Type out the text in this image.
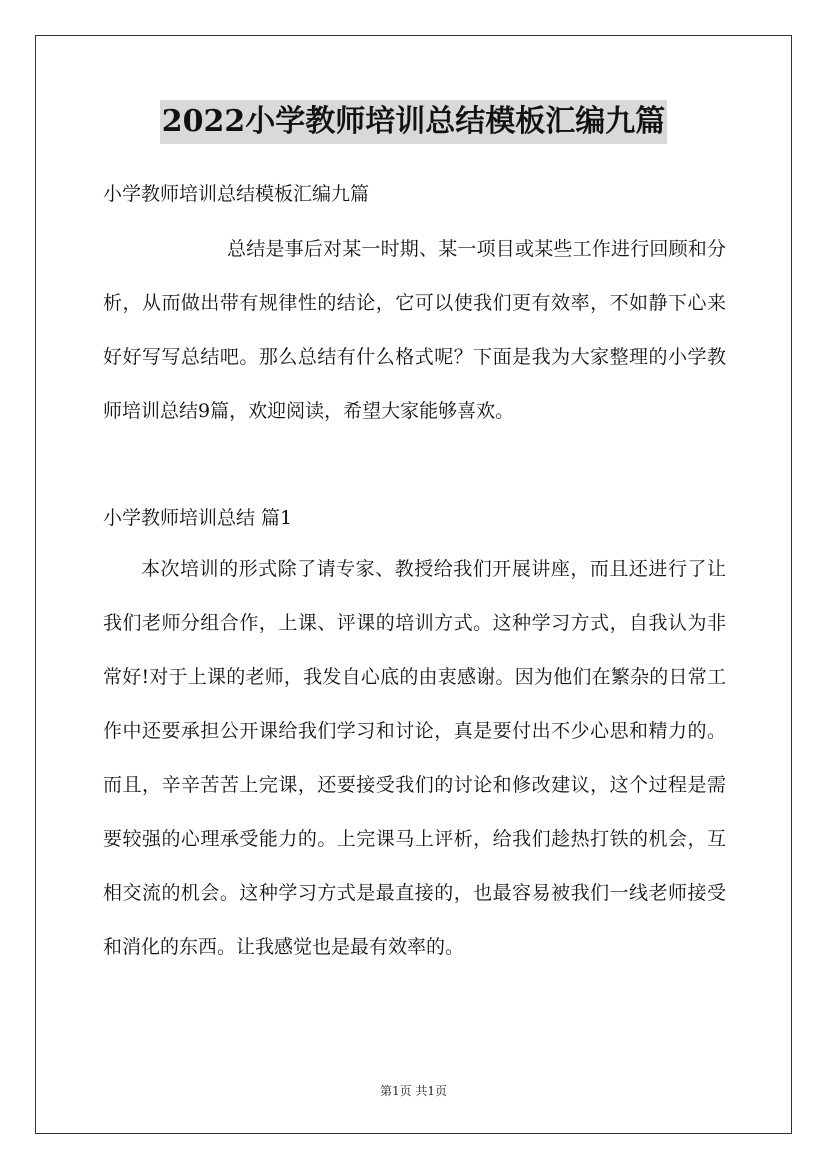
2022小学教师培训总结模板汇编九篇

小学教师培训总结模板汇编九篇

总结是事后对某一时期、某一项目或某些工作进行回顾和分析，从而做出带有规律性的结论，它可以使我们更有效率，不如静下心来好好写写总结吧。那么总结有什么格式呢？下面是我为大家整理的小学教师培训总结9篇，欢迎阅读，希望大家能够喜欢。

小学教师培训总结 篇1

本次培训的形式除了请专家、教授给我们开展讲座，而且还进行了让我们老师分组合作，上课、评课的培训方式。这种学习方式，自我认为非常好!对于上课的老师，我发自心底的由衷感谢。因为他们在繁杂的日常工作中还要承担公开课给我们学习和讨论，真是要付出不少心思和精力的。而且，辛辛苦苦上完课，还要接受我们的讨论和修改建议，这个过程是需要较强的心理承受能力的。上完课马上评析，给我们趁热打铁的机会，互相交流的机会。这种学习方式是最直接的，也最容易被我们一线老师接受和消化的东西。让我感觉也是最有效率的。

第1页 共1页
